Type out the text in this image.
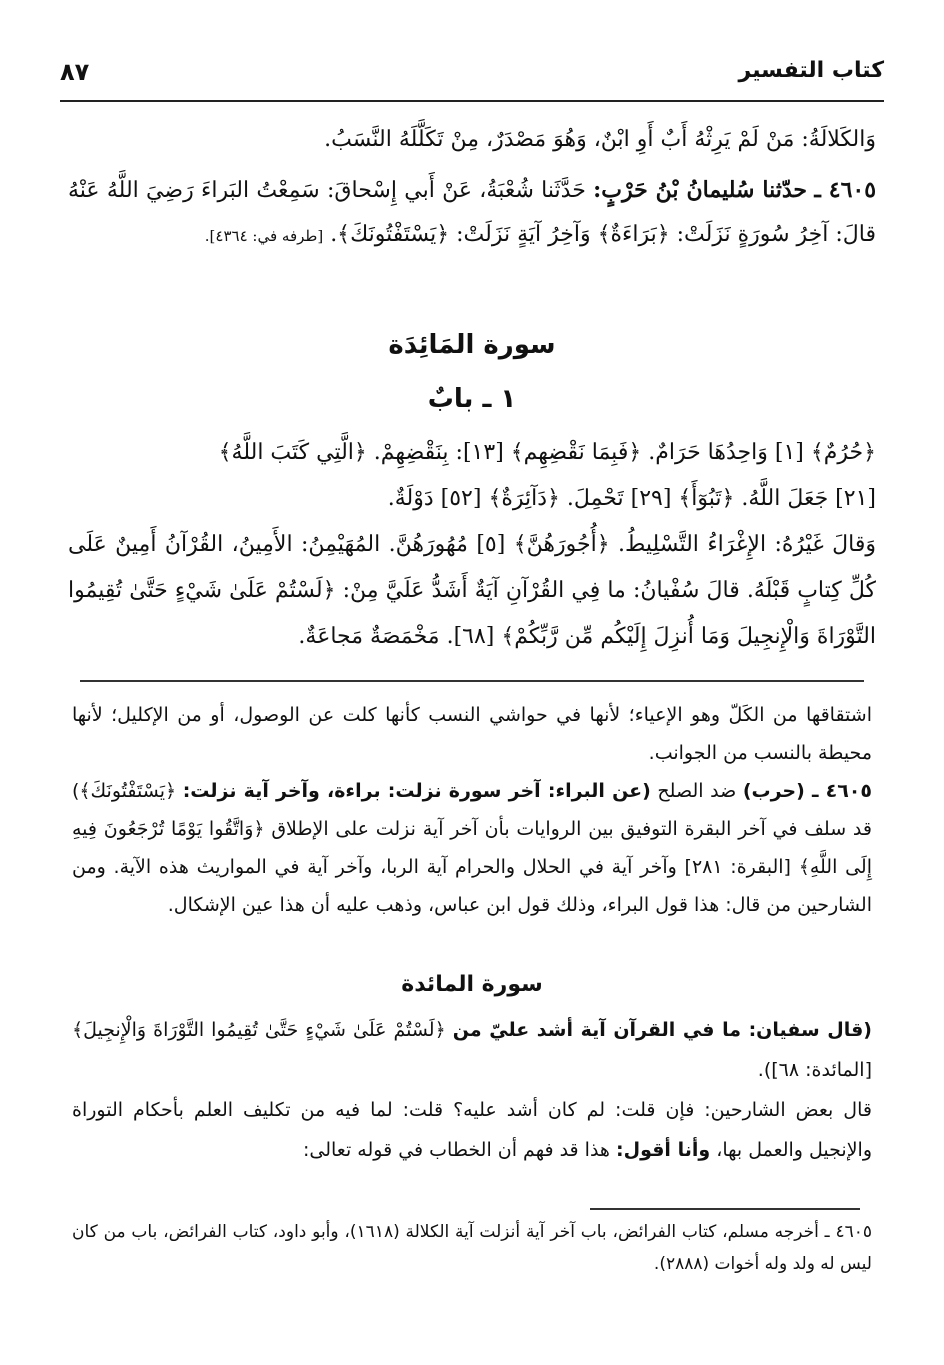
كتاب التفسير
٨٧

وَالكَلالَةُ: مَنْ لَمْ يَرِثْهُ أَبٌ أَوِ ابْنٌ، وَهُوَ مَصْدَرٌ، مِنْ تَكَلَّلَهُ النَّسَبُ.

٤٦٠٥ ـ حدّثنا سُليمانُ بْنُ حَرْبٍ: حَدَّثَنا شُعْبَةُ، عَنْ أَبي إِسْحاقَ: سَمِعْتُ البَراءَ رَضِيَ اللَّهُ عَنْهُ قالَ: آخِرُ سُورَةٍ نَزَلَتْ: ﴿بَرَاءَةٌ﴾ وَآخِرُ آيَةٍ نَزَلَتْ: ﴿يَسْتَفْتُونَكَ﴾. [طرفه في: ٤٣٦٤].

سورة المَائِدَة
١ ـ بابٌ

﴿حُرُمٌ﴾ [١] وَاحِدُهَا حَرَامٌ. ﴿فَبِمَا نَقْضِهِم﴾ [١٣]: بِنَقْضِهِمْ. ﴿الَّتِي كَتَبَ اللَّهُ﴾

[٢١] جَعَلَ اللَّهُ. ﴿تَبُوٓأَ﴾ [٢٩] تَحْمِلَ. ﴿دَآئِرَةٌ﴾ [٥٢] دَوْلَةٌ.

وَقالَ غَيْرُهُ: الإِغْرَاءُ التَّسْلِيطُ. ﴿أُجُورَهُنَّ﴾ [٥] مُهُورَهُنَّ. المُهَيْمِنُ: الأَمِينُ، القُرْآنُ أَمِينٌ عَلَى كُلِّ كِتابٍ قَبْلَهُ. قالَ سُفْيانُ: ما فِي القُرْآنِ آيَةٌ أَشَدُّ عَلَيَّ مِنْ: ﴿لَسْتُمْ عَلَىٰ شَيْءٍ حَتَّىٰ تُقِيمُوا التَّوْرَاةَ وَالْإِنجِيلَ وَمَا أُنزِلَ إِلَيْكُم مِّن رَّبِّكُمْ﴾ [٦٨]. مَخْمَصَةٌ مَجاعَةٌ.

اشتقاقها من الكَلّ وهو الإعياء؛ لأنها في حواشي النسب كأنها كلت عن الوصول، أو من الإكليل؛ لأنها محيطة بالنسب من الجوانب.

٤٦٠٥ ـ (حرب) ضد الصلح (عن البراء: آخر سورة نزلت: براءة، وآخر آية نزلت: ﴿يَسْتَفْتُونَكَ﴾) قد سلف في آخر البقرة التوفيق بين الروايات بأن آخر آية نزلت على الإطلاق ﴿وَاتَّقُوا يَوْمًا تُرْجَعُونَ فِيهِ إِلَى اللَّهِ﴾ [البقرة: ٢٨١] وآخر آية في الحلال والحرام آية الربا، وآخر آية في المواريث هذه الآية. ومن الشارحين من قال: هذا قول البراء، وذلك قول ابن عباس، وذهب عليه أن هذا عين الإشكال.

سورة المائدة

(قال سفيان: ما في القرآن آية أشد عليّ من ﴿لَسْتُمْ عَلَىٰ شَيْءٍ حَتَّىٰ تُقِيمُوا التَّوْرَاةَ وَالْإِنجِيلَ﴾ [المائدة: ٦٨]).

قال بعض الشارحين: فإن قلت: لم كان أشد عليه؟ قلت: لما فيه من تكليف العلم بأحكام التوراة والإنجيل والعمل بها، وأنا أقول: هذا قد فهم أن الخطاب في قوله تعالى:

٤٦٠٥ ـ أخرجه مسلم، كتاب الفرائض، باب آخر آية أنزلت آية الكلالة (١٦١٨)، وأبو داود، كتاب الفرائض، باب من كان ليس له ولد وله أخوات (٢٨٨٨).
